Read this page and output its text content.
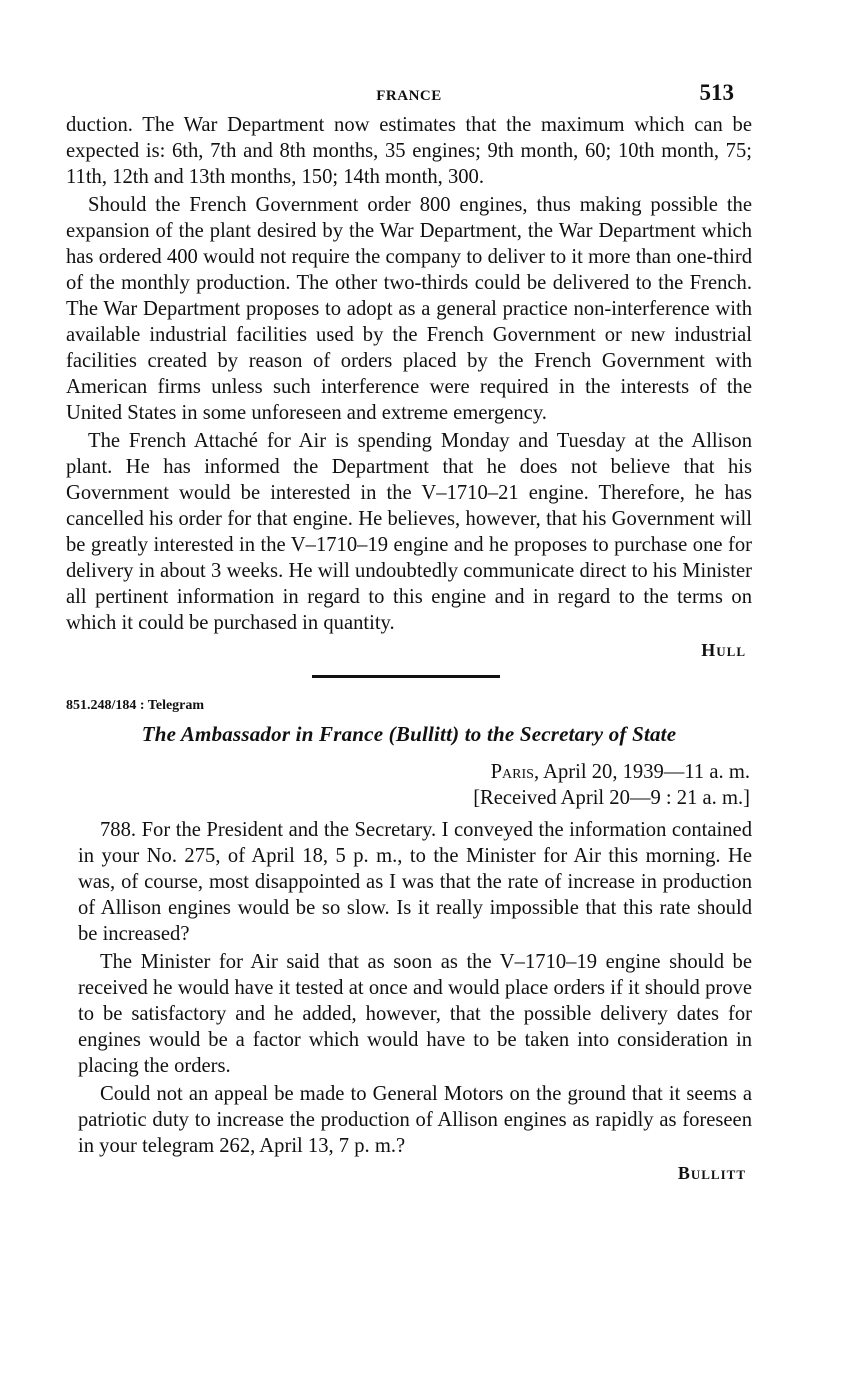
FRANCE	513

duction. The War Department now estimates that the maximum which can be expected is: 6th, 7th and 8th months, 35 engines; 9th month, 60; 10th month, 75; 11th, 12th and 13th months, 150; 14th month, 300.

Should the French Government order 800 engines, thus making possible the expansion of the plant desired by the War Department, the War Department which has ordered 400 would not require the company to deliver to it more than one-third of the monthly production. The other two-thirds could be delivered to the French. The War Department proposes to adopt as a general practice non-interference with available industrial facilities used by the French Government or new industrial facilities created by reason of orders placed by the French Government with American firms unless such interference were required in the interests of the United States in some unforeseen and extreme emergency.

The French Attaché for Air is spending Monday and Tuesday at the Allison plant. He has informed the Department that he does not believe that his Government would be interested in the V–1710–21 engine. Therefore, he has cancelled his order for that engine. He believes, however, that his Government will be greatly interested in the V–1710–19 engine and he proposes to purchase one for delivery in about 3 weeks. He will undoubtedly communicate direct to his Minister all pertinent information in regard to this engine and in regard to the terms on which it could be purchased in quantity.

Hull
851.248/184 : Telegram
The Ambassador in France (Bullitt) to the Secretary of State
Paris, April 20, 1939—11 a. m.
[Received April 20—9 : 21 a. m.]

788. For the President and the Secretary. I conveyed the information contained in your No. 275, of April 18, 5 p. m., to the Minister for Air this morning. He was, of course, most disappointed as I was that the rate of increase in production of Allison engines would be so slow. Is it really impossible that this rate should be increased?

The Minister for Air said that as soon as the V–1710–19 engine should be received he would have it tested at once and would place orders if it should prove to be satisfactory and he added, however, that the possible delivery dates for engines would be a factor which would have to be taken into consideration in placing the orders.

Could not an appeal be made to General Motors on the ground that it seems a patriotic duty to increase the production of Allison engines as rapidly as foreseen in your telegram 262, April 13, 7 p. m.?

Bullitt
